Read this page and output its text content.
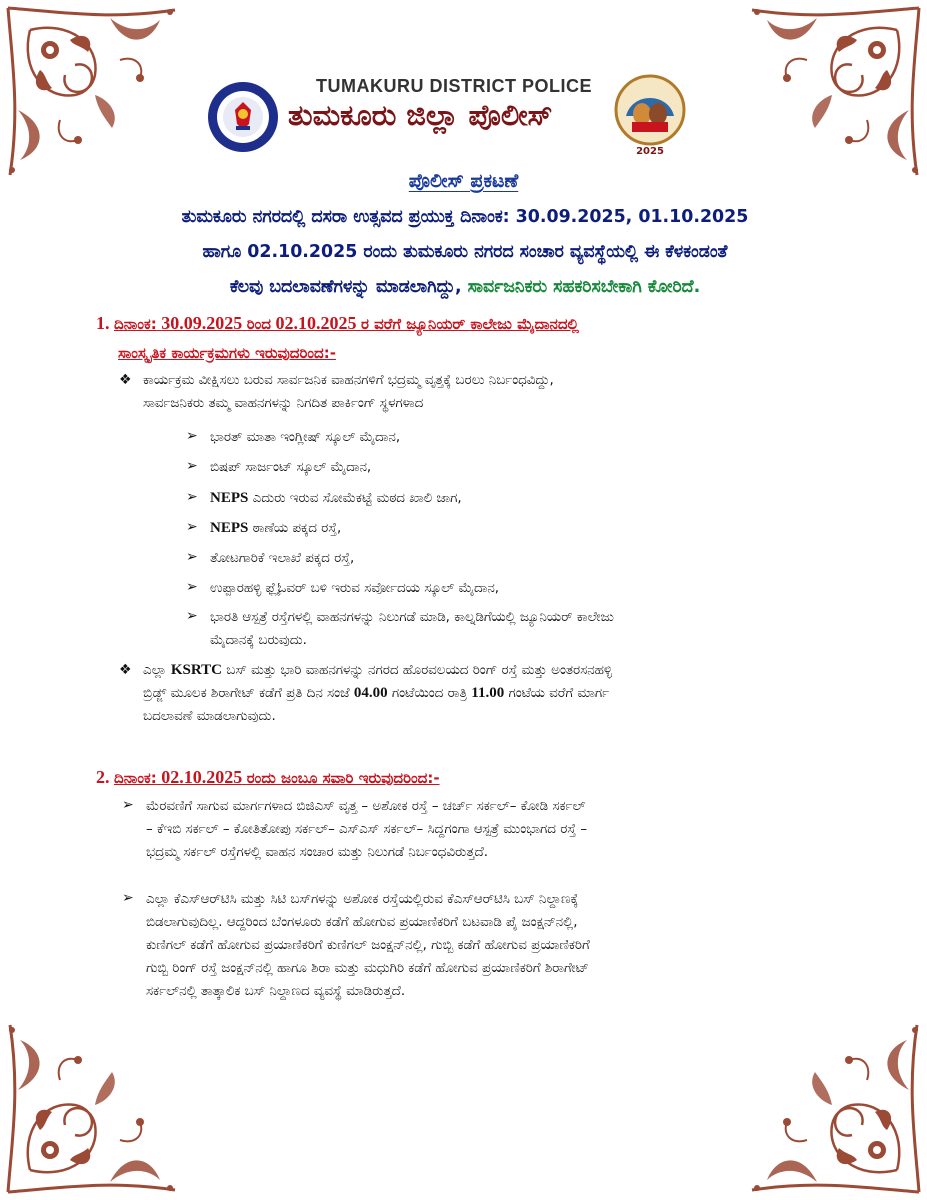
TUMAKURU DISTRICT POLICE
ತುಮಕೂರು ಜಿಲ್ಲಾ ಪೊಲೀಸ್
2025
ಪೊಲೀಸ್ ಪ್ರಕಟಣೆ
ತುಮಕೂರು ನಗರದಲ್ಲಿ ದಸರಾ ಉತ್ಸವದ ಪ್ರಯುಕ್ತ ದಿನಾಂಕ: 30.09.2025, 01.10.2025
ಹಾಗೂ 02.10.2025 ರಂದು ತುಮಕೂರು ನಗರದ ಸಂಚಾರ ವ್ಯವಸ್ಥೆಯಲ್ಲಿ ಈ ಕೆಳಕಂಡಂತೆ
ಕೆಲವು ಬದಲಾವಣೆಗಳನ್ನು ಮಾಡಲಾಗಿದ್ದು, ಸಾರ್ವಜನಿಕರು ಸಹಕರಿಸಬೇಕಾಗಿ ಕೋರಿದೆ.
1. ದಿನಾಂಕ: 30.09.2025 ರಿಂದ 02.10.2025 ರ ವರೆಗೆ ಜ್ಯೂನಿಯರ್ ಕಾಲೇಜು ಮೈದಾನದಲ್ಲಿ
ಸಾಂಸ್ಕೃತಿಕ ಕಾರ್ಯಕ್ರಮಗಳು ಇರುವುದರಿಂದ:-
❖ ಕಾರ್ಯಕ್ರಮ ವೀಕ್ಷಿಸಲು ಬರುವ ಸಾರ್ವಜನಿಕ ವಾಹನಗಳಿಗೆ ಭದ್ರಮ್ಮ ವೃತ್ತಕ್ಕೆ ಬರಲು ನಿರ್ಬಂಧವಿದ್ದು,
ಸಾರ್ವಜನಿಕರು ತಮ್ಮ ವಾಹನಗಳನ್ನು ನಿಗದಿತ ಪಾರ್ಕಿಂಗ್ ಸ್ಥಳಗಳಾದ
➢ ಭಾರತ್ ಮಾತಾ ಇಂಗ್ಲೀಷ್ ಸ್ಕೂಲ್ ಮೈದಾನ,
➢ ಬಿಷಪ್ ಸಾರ್ಜಂಟ್ ಸ್ಕೂಲ್ ಮೈದಾನ,
➢ NEPS ಎದುರು ಇರುವ ಸೋಮೆಕಟ್ಟೆ ಮಠದ ಖಾಲಿ ಜಾಗ,
➢ NEPS ಠಾಣೆಯ ಪಕ್ಕದ ರಸ್ತೆ,
➢ ತೋಟಗಾರಿಕೆ ಇಲಾಖೆ ಪಕ್ಕದ ರಸ್ತೆ,
➢ ಉಪ್ಪಾರಹಳ್ಳಿ ಫ್ಲೈಓವರ್ ಬಳಿ ಇರುವ ಸರ್ವೋದಯ ಸ್ಕೂಲ್ ಮೈದಾನ,
➢ ಭಾರತಿ ಆಸ್ಪತ್ರೆ ರಸ್ತೆಗಳಲ್ಲಿ ವಾಹನಗಳನ್ನು ನಿಲುಗಡೆ ಮಾಡಿ, ಕಾಲ್ನಡಿಗೆಯಲ್ಲಿ ಜ್ಯೂನಿಯರ್ ಕಾಲೇಜು
ಮೈದಾನಕ್ಕೆ ಬರುವುದು.
❖ ಎಲ್ಲಾ KSRTC ಬಸ್ ಮತ್ತು ಭಾರಿ ವಾಹನಗಳನ್ನು ನಗರದ ಹೊರವಲಯದ ರಿಂಗ್ ರಸ್ತೆ ಮತ್ತು ಅಂತರಸನಹಳ್ಳಿ
ಬ್ರಿಡ್ಜ್ ಮೂಲಕ ಶಿರಾಗೇಟ್ ಕಡೆಗೆ ಪ್ರತಿ ದಿನ ಸಂಜೆ 04.00 ಗಂಟೆಯಿಂದ ರಾತ್ರಿ 11.00 ಗಂಟೆಯ ವರೆಗೆ ಮಾರ್ಗ
ಬದಲಾವಣೆ ಮಾಡಲಾಗುವುದು.
2. ದಿನಾಂಕ: 02.10.2025 ರಂದು ಜಂಬೂ ಸವಾರಿ ಇರುವುದರಿಂದ:-
➢ ಮೆರವಣಿಗೆ ಸಾಗುವ ಮಾರ್ಗಗಳಾದ ಬಿಜಿಎಸ್ ವೃತ್ತ – ಅಶೋಕ ರಸ್ತೆ – ಚರ್ಚ್ ಸರ್ಕಲ್– ಕೋಡಿ ಸರ್ಕಲ್
– ಕೆಇಬಿ ಸರ್ಕಲ್ – ಕೋತಿತೋಪು ಸರ್ಕಲ್– ಎಸ್ಎಸ್ ಸರ್ಕಲ್– ಸಿದ್ದಗಂಗಾ ಆಸ್ಪತ್ರೆ ಮುಂಭಾಗದ ರಸ್ತೆ –
ಭದ್ರಮ್ಮ ಸರ್ಕಲ್ ರಸ್ತೆಗಳಲ್ಲಿ ವಾಹನ ಸಂಚಾರ ಮತ್ತು ನಿಲುಗಡೆ ನಿರ್ಬಂಧವಿರುತ್ತದೆ.
➢ ಎಲ್ಲಾ ಕೆಎಸ್ಆರ್‌ಟಿಸಿ ಮತ್ತು ಸಿಟಿ ಬಸ್‌ಗಳನ್ನು ಅಶೋಕ ರಸ್ತೆಯಲ್ಲಿರುವ ಕೆಎಸ್ಆರ್‌ಟಿಸಿ ಬಸ್ ನಿಲ್ದಾಣಕ್ಕೆ
ಬಿಡಲಾಗುವುದಿಲ್ಲ. ಆದ್ದರಿಂದ ಬೆಂಗಳೂರು ಕಡೆಗೆ ಹೋಗುವ ಪ್ರಯಾಣಿಕರಿಗೆ ಬಟವಾಡಿ ಪೈ ಜಂಕ್ಷನ್‌ನಲ್ಲಿ,
ಕುಣಿಗಲ್ ಕಡೆಗೆ ಹೋಗುವ ಪ್ರಯಾಣಿಕರಿಗೆ ಕುಣಿಗಲ್ ಜಂಕ್ಷನ್‌ನಲ್ಲಿ, ಗುಬ್ಬಿ ಕಡೆಗೆ ಹೋಗುವ ಪ್ರಯಾಣಿಕರಿಗೆ
ಗುಬ್ಬಿ ರಿಂಗ್ ರಸ್ತೆ ಜಂಕ್ಷನ್‌ನಲ್ಲಿ ಹಾಗೂ ಶಿರಾ ಮತ್ತು ಮಧುಗಿರಿ ಕಡೆಗೆ ಹೋಗುವ ಪ್ರಯಾಣಿಕರಿಗೆ ಶಿರಾಗೇಟ್
ಸರ್ಕಲ್‌ನಲ್ಲಿ ತಾತ್ಕಾಲಿಕ ಬಸ್ ನಿಲ್ದಾಣದ ವ್ಯವಸ್ಥೆ ಮಾಡಿರುತ್ತದೆ.
